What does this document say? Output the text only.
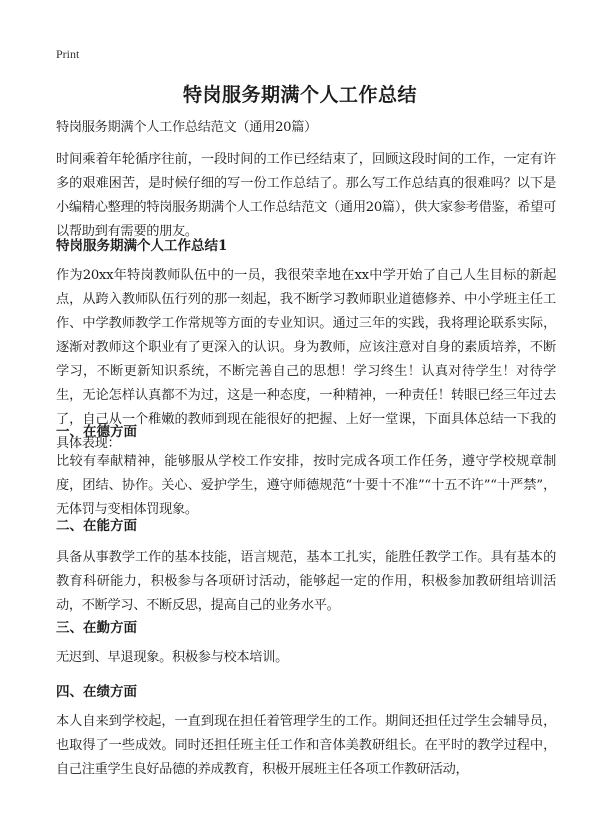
Print
特岗服务期满个人工作总结

特岗服务期满个人工作总结范文（通用20篇）

时间乘着年轮循序往前，一段时间的工作已经结束了，回顾这段时间的工作，一定有许多的艰难困苦，是时候仔细的写一份工作总结了。那么写工作总结真的很难吗？以下是小编精心整理的特岗服务期满个人工作总结范文（通用20篇），供大家参考借鉴，希望可以帮助到有需要的朋友。

特岗服务期满个人工作总结1

作为20xx年特岗教师队伍中的一员，我很荣幸地在xx中学开始了自己人生目标的新起点，从跨入教师队伍行列的那一刻起，我不断学习教师职业道德修养、中小学班主任工作、中学教师教学工作常规等方面的专业知识。通过三年的实践，我将理论联系实际，逐渐对教师这个职业有了更深入的认识。身为教师，应该注意对自身的素质培养，不断学习，不断更新知识系统，不断完善自己的思想！学习终生！认真对待学生！对待学生，无论怎样认真都不为过，这是一种态度，一种精神，一种责任！转眼已经三年过去了，自己从一个稚嫩的教师到现在能很好的把握、上好一堂课，下面具体总结一下我的具体表现：

一、在德方面

比较有奉献精神，能够服从学校工作安排，按时完成各项工作任务，遵守学校规章制度，团结、协作。关心、爱护学生，遵守师德规范“十要十不准”“十五不许”“十严禁”，无体罚与变相体罚现象。

二、在能方面

具备从事教学工作的基本技能，语言规范，基本工扎实，能胜任教学工作。具有基本的教育科研能力，积极参与各项研讨活动，能够起一定的作用，积极参加教研组培训活动，不断学习、不断反思，提高自己的业务水平。

三、在勤方面

无迟到、早退现象。积极参与校本培训。

四、在绩方面

本人自来到学校起，一直到现在担任着管理学生的工作。期间还担任过学生会辅导员，也取得了一些成效。同时还担任班主任工作和音体美教研组长。在平时的教学过程中，自己注重学生良好品德的养成教育，积极开展班主任各项工作教研活动，
